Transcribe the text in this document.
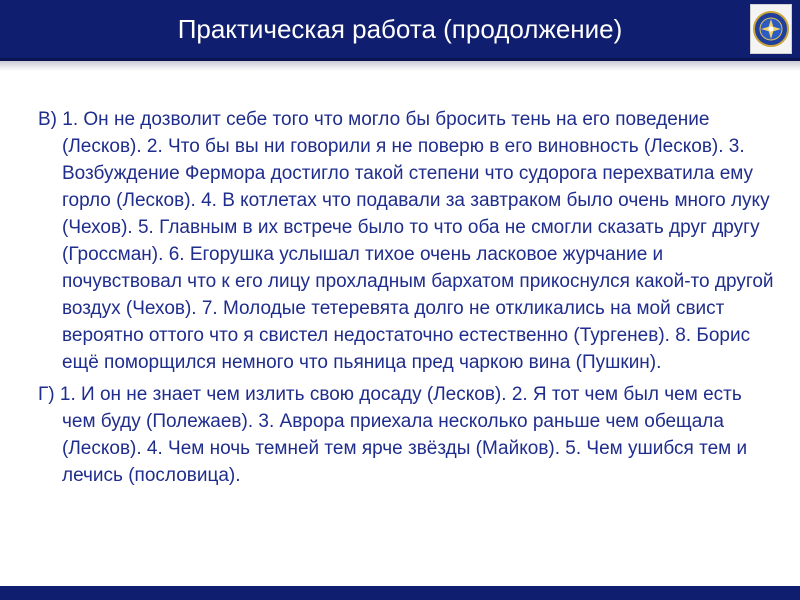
Практическая работа (продолжение)

В) 1. Он не дозволит себе того что могло бы бросить тень на его поведение (Лесков). 2. Что бы вы ни говорили я не поверю в его виновность (Лесков). 3. Возбуждение Фермора достигло такой степени что судорога перехватила ему горло (Лесков). 4. В котлетах что подавали за завтраком было очень много луку (Чехов). 5. Главным в их встрече было то что оба не смогли сказать друг другу (Гроссман). 6. Егорушка услышал тихое очень ласковое журчание и почувствовал что к его лицу прохладным бархатом прикоснулся какой-то другой воздух (Чехов). 7. Молодые тетеревята долго не откликались на мой свист вероятно оттого что я свистел недостаточно естественно (Тургенев). 8. Борис ещё поморщился немного что пьяница пред чаркою вина (Пушкин).

Г) 1. И он не знает чем излить свою досаду (Лесков). 2. Я тот чем был чем есть чем буду (Полежаев). 3. Аврора приехала несколько раньше чем обещала (Лесков). 4. Чем ночь темней тем ярче звёзды (Майков). 5. Чем ушибся тем и лечись (пословица).
